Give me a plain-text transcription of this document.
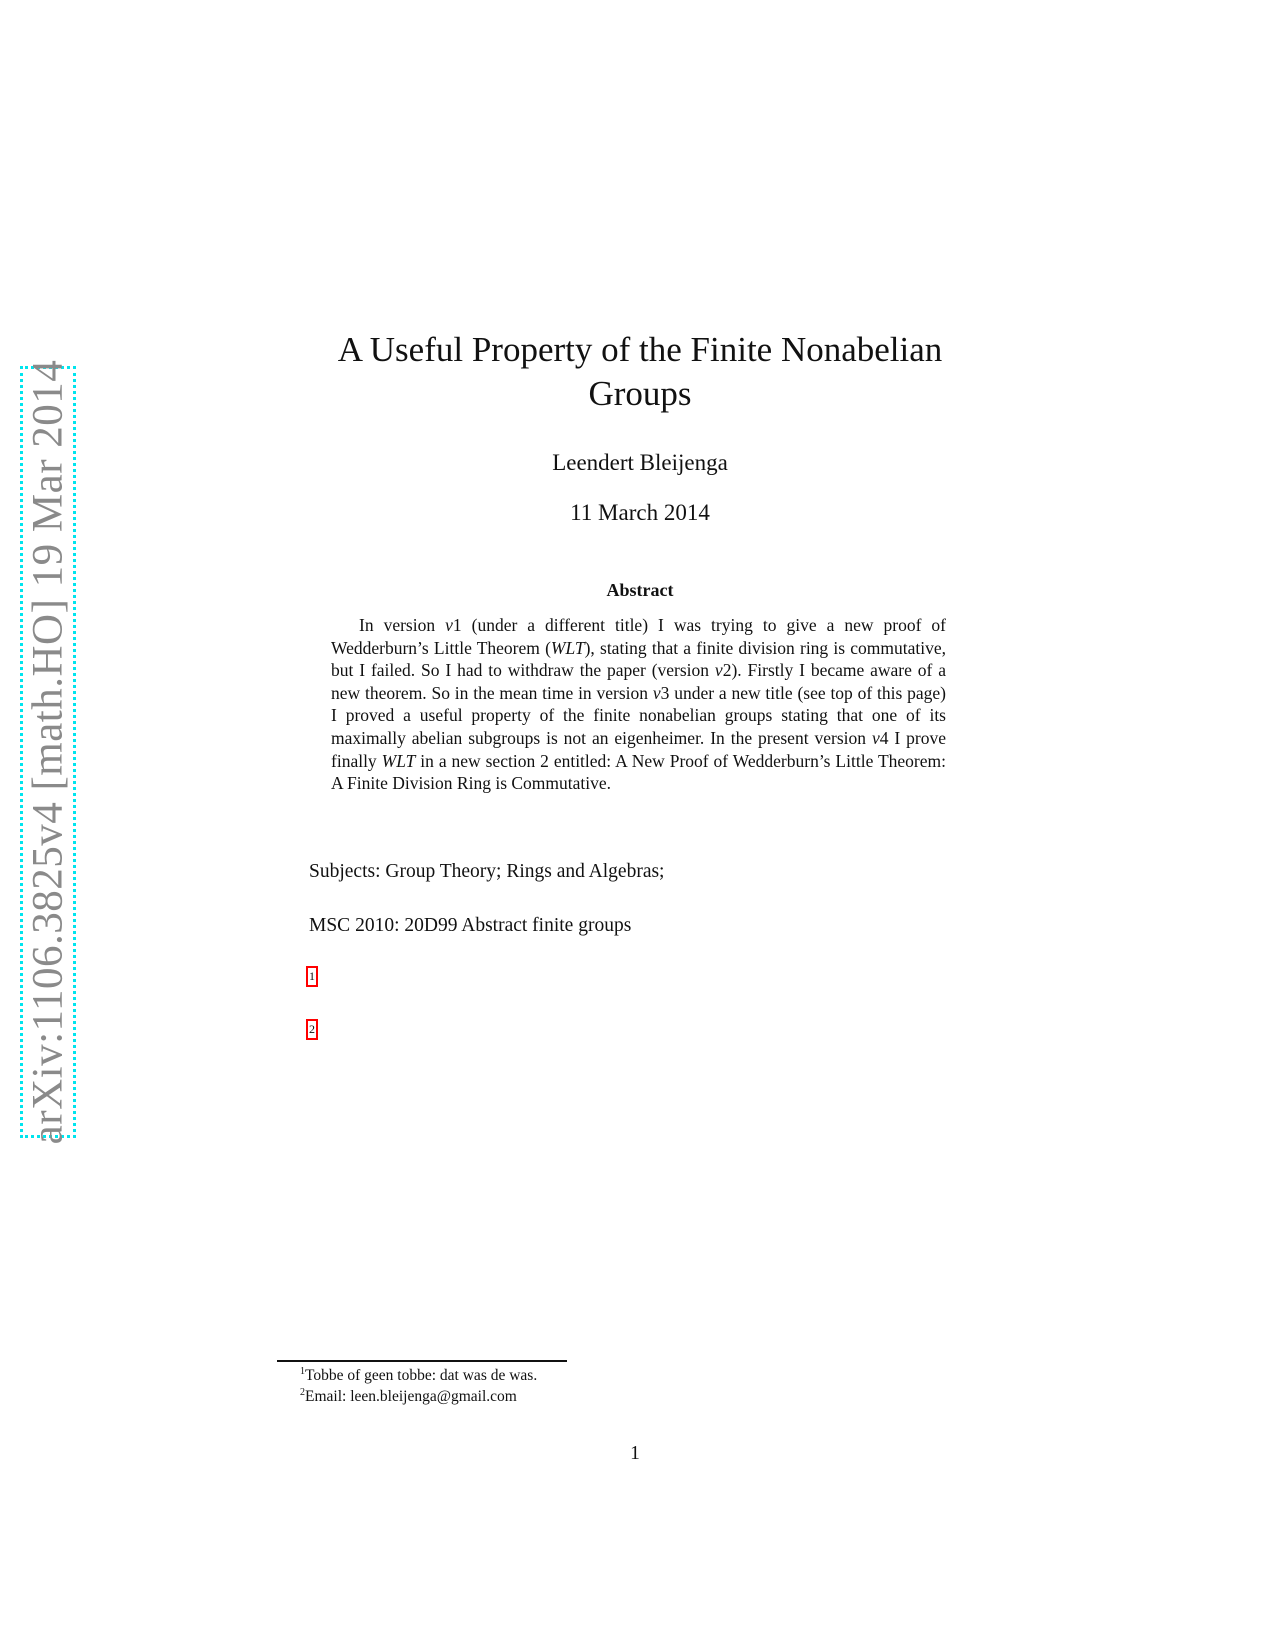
arXiv:1106.3825v4 [math.HO] 19 Mar 2014
A Useful Property of the Finite Nonabelian Groups
Leendert Bleijenga
11 March 2014
Abstract

In version v1 (under a different title) I was trying to give a new proof of Wedderburn’s Little Theorem (WLT), stating that a finite division ring is commutative, but I failed. So I had to withdraw the paper (version v2). Firstly I became aware of a new theorem. So in the mean time in version v3 under a new title (see top of this page) I proved a useful property of the finite nonabelian groups stating that one of its maximally abelian subgroups is not an eigenheimer. In the present version v4 I prove finally WLT in a new section 2 entitled: A New Proof of Wedderburn’s Little Theorem: A Finite Division Ring is Commutative.

Subjects: Group Theory; Rings and Algebras;
MSC 2010: 20D99 Abstract finite groups
1
2
$^1$Tobbe of geen tobbe: dat was de was.
$^2$Email: leen.bleijenga@gmail.com
1
